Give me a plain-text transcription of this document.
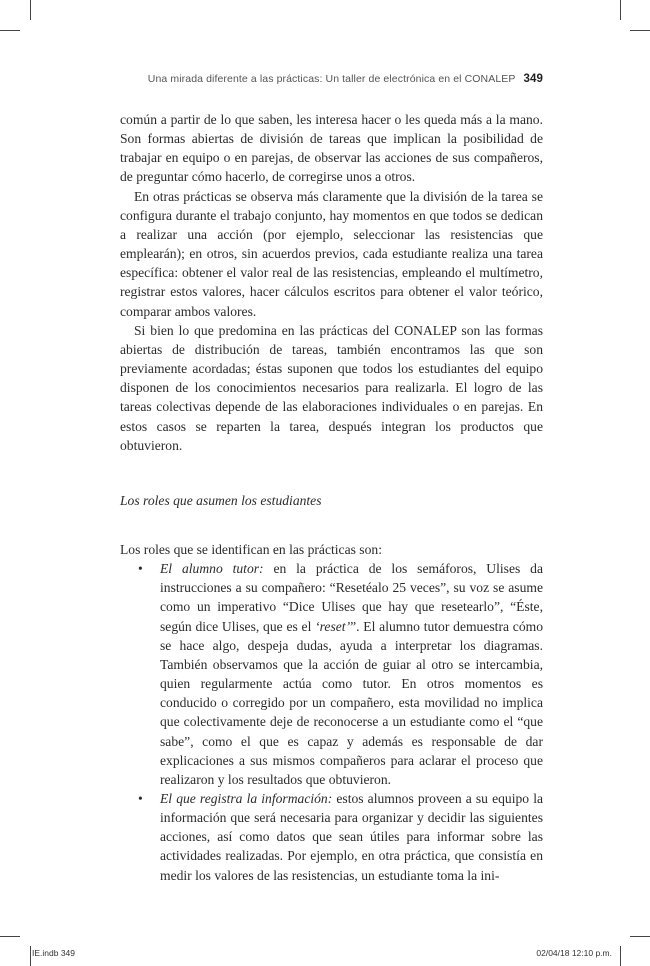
Una mirada diferente a las prácticas: Un taller de electrónica en el CONALEP 349

común a partir de lo que saben, les interesa hacer o les queda más a la mano. Son formas abiertas de división de tareas que implican la posibilidad de trabajar en equipo o en parejas, de observar las acciones de sus compañeros, de preguntar cómo hacerlo, de corregirse unos a otros.

En otras prácticas se observa más claramente que la división de la tarea se configura durante el trabajo conjunto, hay momentos en que todos se dedican a realizar una acción (por ejemplo, seleccionar las resistencias que emplearán); en otros, sin acuerdos previos, cada estudiante realiza una tarea específica: obtener el valor real de las resistencias, empleando el multímetro, registrar estos valores, hacer cálculos escritos para obtener el valor teórico, comparar ambos valores.

Si bien lo que predomina en las prácticas del CONALEP son las formas abiertas de distribución de tareas, también encontramos las que son previamente acordadas; éstas suponen que todos los estudiantes del equipo disponen de los conocimientos necesarios para realizarla. El logro de las tareas colectivas depende de las elaboraciones individuales o en parejas. En estos casos se reparten la tarea, después integran los productos que obtuvieron.

Los roles que asumen los estudiantes

Los roles que se identifican en las prácticas son:

• El alumno tutor: en la práctica de los semáforos, Ulises da instrucciones a su compañero: “Resetéalo 25 veces”, su voz se asume como un imperativo “Dice Ulises que hay que resetearlo”, “Éste, según dice Ulises, que es el ‘reset’”. El alumno tutor demuestra cómo se hace algo, despeja dudas, ayuda a interpretar los diagramas. También observamos que la acción de guiar al otro se intercambia, quien regularmente actúa como tutor. En otros momentos es conducido o corregido por un compañero, esta movilidad no implica que colectivamente deje de reconocerse a un estudiante como el “que sabe”, como el que es capaz y además es responsable de dar explicaciones a sus mismos compañeros para aclarar el proceso que realizaron y los resultados que obtuvieron.
• El que registra la información: estos alumnos proveen a su equipo la información que será necesaria para organizar y decidir las siguientes acciones, así como datos que sean útiles para informar sobre las actividades realizadas. Por ejemplo, en otra práctica, que consistía en medir los valores de las resistencias, un estudiante toma la ini-
IE.indb 349	02/04/18 12:10 p.m.
